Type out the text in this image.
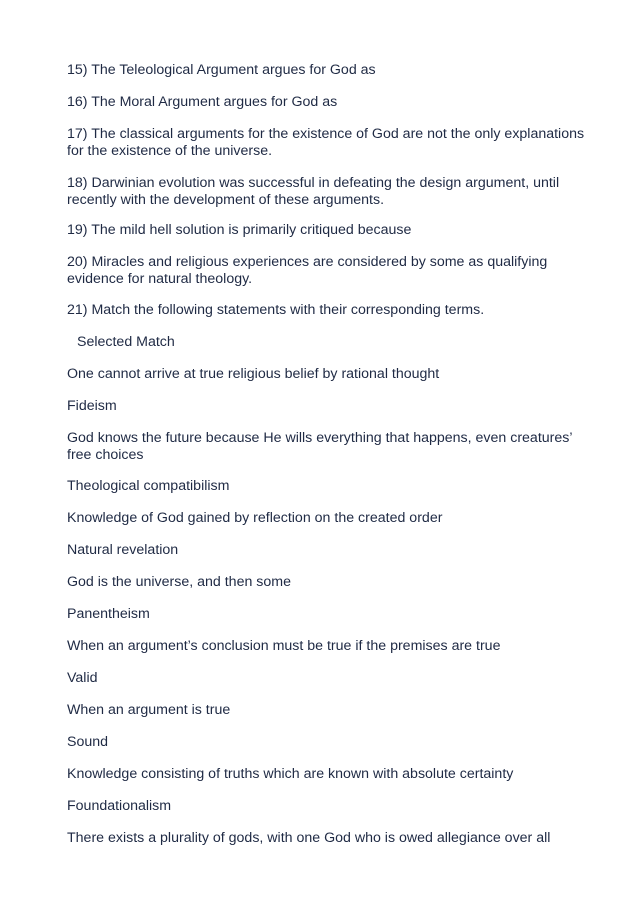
15) The Teleological Argument argues for God as

16) The Moral Argument argues for God as

17) The classical arguments for the existence of God are not the only explanations for the existence of the universe.

18) Darwinian evolution was successful in defeating the design argument, until recently with the development of these arguments.

19) The mild hell solution is primarily critiqued because

20) Miracles and religious experiences are considered by some as qualifying evidence for natural theology.

21) Match the following statements with their corresponding terms.

Selected Match

One cannot arrive at true religious belief by rational thought

Fideism

God knows the future because He wills everything that happens, even creatures’ free choices

Theological compatibilism

Knowledge of God gained by reflection on the created order

Natural revelation

God is the universe, and then some

Panentheism

When an argument’s conclusion must be true if the premises are true

Valid

When an argument is true

Sound

Knowledge consisting of truths which are known with absolute certainty

Foundationalism

There exists a plurality of gods, with one God who is owed allegiance over all
